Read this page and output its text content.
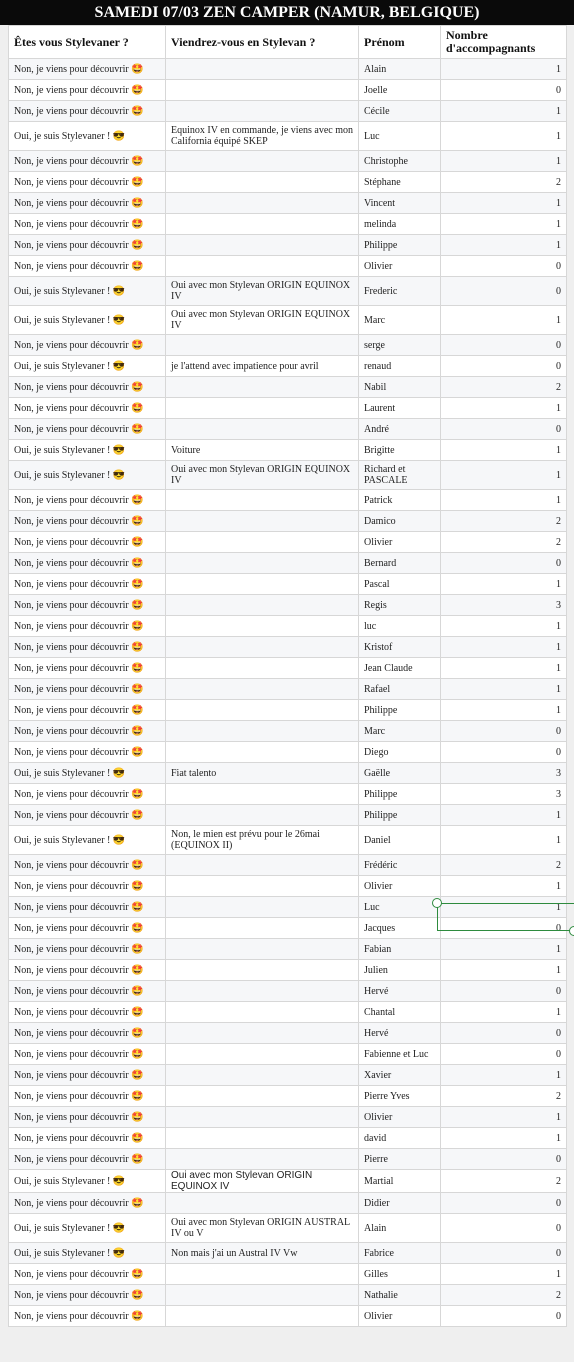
SAMEDI 07/03 ZEN CAMPER (NAMUR, BELGIQUE)
Êtes vous Stylevaner ?	Viendrez-vous en Stylevan ?	Prénom	Nombre d'accompagnants
Non, je viens pour découvrir 🤩		Alain	1
Non, je viens pour découvrir 🤩		Joelle	0
Non, je viens pour découvrir 🤩		Cécile	1
Oui, je suis Stylevaner ! 😎	Equinox IV en commande, je viens avec mon California équipé SKEP	Luc	1
Non, je viens pour découvrir 🤩		Christophe	1
Non, je viens pour découvrir 🤩		Stéphane	2
Non, je viens pour découvrir 🤩		Vincent	1
Non, je viens pour découvrir 🤩		melinda	1
Non, je viens pour découvrir 🤩		Philippe	1
Non, je viens pour découvrir 🤩		Olivier	0
Oui, je suis Stylevaner ! 😎	Oui avec mon Stylevan ORIGIN EQUINOX IV	Frederic	0
Oui, je suis Stylevaner ! 😎	Oui avec mon Stylevan ORIGIN EQUINOX IV	Marc	1
Non, je viens pour découvrir 🤩		serge	0
Oui, je suis Stylevaner ! 😎	je l'attend avec impatience pour avril	renaud	0
Non, je viens pour découvrir 🤩		Nabil	2
Non, je viens pour découvrir 🤩		Laurent	1
Non, je viens pour découvrir 🤩		André	0
Oui, je suis Stylevaner ! 😎	Voiture	Brigitte	1
Oui, je suis Stylevaner ! 😎	Oui avec mon Stylevan ORIGIN EQUINOX IV	Richard et PASCALE	1
Non, je viens pour découvrir 🤩		Patrick	1
Non, je viens pour découvrir 🤩		Damico	2
Non, je viens pour découvrir 🤩		Olivier	2
Non, je viens pour découvrir 🤩		Bernard	0
Non, je viens pour découvrir 🤩		Pascal	1
Non, je viens pour découvrir 🤩		Regis	3
Non, je viens pour découvrir 🤩		luc	1
Non, je viens pour découvrir 🤩		Kristof	1
Non, je viens pour découvrir 🤩		Jean Claude	1
Non, je viens pour découvrir 🤩		Rafael	1
Non, je viens pour découvrir 🤩		Philippe	1
Non, je viens pour découvrir 🤩		Marc	0
Non, je viens pour découvrir 🤩		Diego	0
Oui, je suis Stylevaner ! 😎	Fiat talento	Gaëlle	3
Non, je viens pour découvrir 🤩		Philippe	3
Non, je viens pour découvrir 🤩		Philippe	1
Oui, je suis Stylevaner ! 😎	Non, le mien est prévu pour le 26mai (EQUINOX II)	Daniel	1
Non, je viens pour découvrir 🤩		Frédéric	2
Non, je viens pour découvrir 🤩		Olivier	1
Non, je viens pour découvrir 🤩		Luc	1
Non, je viens pour découvrir 🤩		Jacques	0
Non, je viens pour découvrir 🤩		Fabian	1
Non, je viens pour découvrir 🤩		Julien	1
Non, je viens pour découvrir 🤩		Hervé	0
Non, je viens pour découvrir 🤩		Chantal	1
Non, je viens pour découvrir 🤩		Hervé	0
Non, je viens pour découvrir 🤩		Fabienne et Luc	0
Non, je viens pour découvrir 🤩		Xavier	1
Non, je viens pour découvrir 🤩		Pierre Yves	2
Non, je viens pour découvrir 🤩		Olivier	1
Non, je viens pour découvrir 🤩		david	1
Non, je viens pour découvrir 🤩		Pierre	0
Oui, je suis Stylevaner ! 😎	Oui avec mon Stylevan ORIGIN EQUINOX IV	Martial	2
Non, je viens pour découvrir 🤩		Didier	0
Oui, je suis Stylevaner ! 😎	Oui avec mon Stylevan ORIGIN AUSTRAL IV ou V	Alain	0
Oui, je suis Stylevaner ! 😎	Non mais j'ai un Austral IV Vw	Fabrice	0
Non, je viens pour découvrir 🤩		Gilles	1
Non, je viens pour découvrir 🤩		Nathalie	2
Non, je viens pour découvrir 🤩		Olivier	0
